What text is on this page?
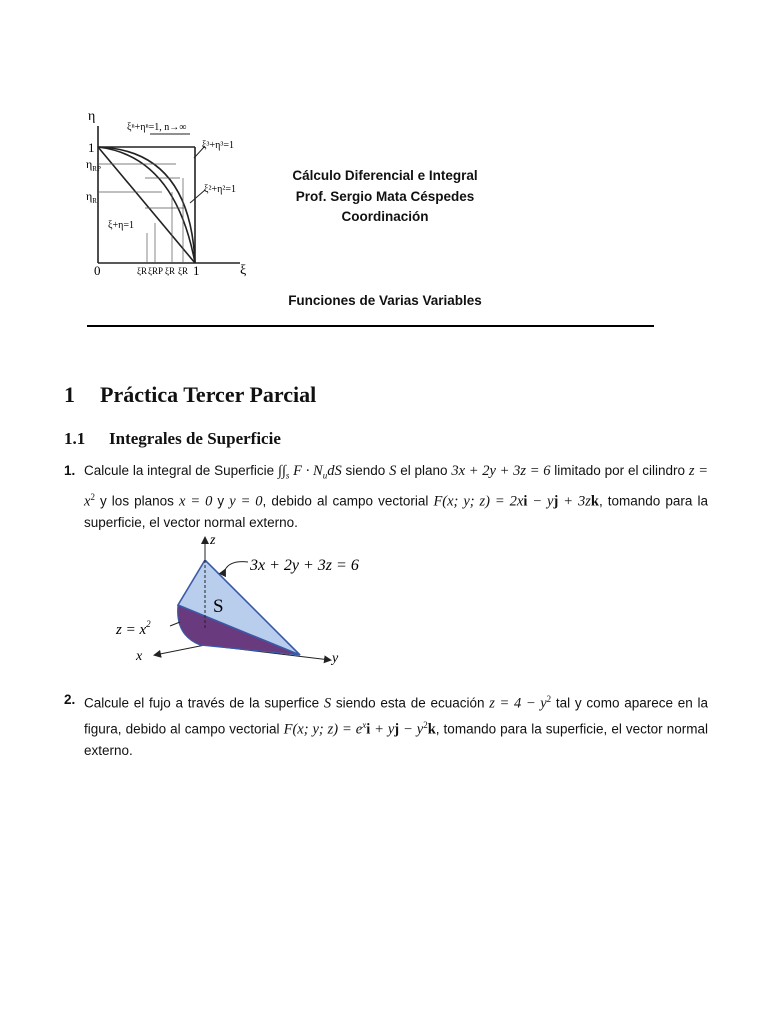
η
ξ
1
0	1
$\eta_{RP}$
$\eta_R$
ξⁿ+ηⁿ=1, n→∞
ξ³+η³=1
ξ²+η²=1
ξ+η=1
ξR ξRP ξR ξR
Cálculo Diferencial e Integral
Prof. Sergio Mata Céspedes
Coordinación
Funciones de Varias Variables
1 Práctica Tercer Parcial
1.1 Integrales de Superficie
1. Calcule la integral de Superficie $\int\int_s$ $F \cdot N_udS$ siendo S el plano 3x + 2y + 3z = 6 limitado por el cilindro $z = x^2$ y los planos x = 0 y y = 0, debido al campo vectorial F(x; y; z) = 2xi − yj + 3zk, tomando para la superficie, el vector normal externo.
z
x	y
3x + 2y + 3z = 6
S
$z = x^2$
2. Calcule el fujo a través de la superfice S siendo esta de ecuación $z = 4 - y^2$ tal y como aparece en la figura, debido al campo vectorial F(x; y; $z) = e^xi$ + yj − $y^2k$, tomando para la superficie, el vector normal externo.
